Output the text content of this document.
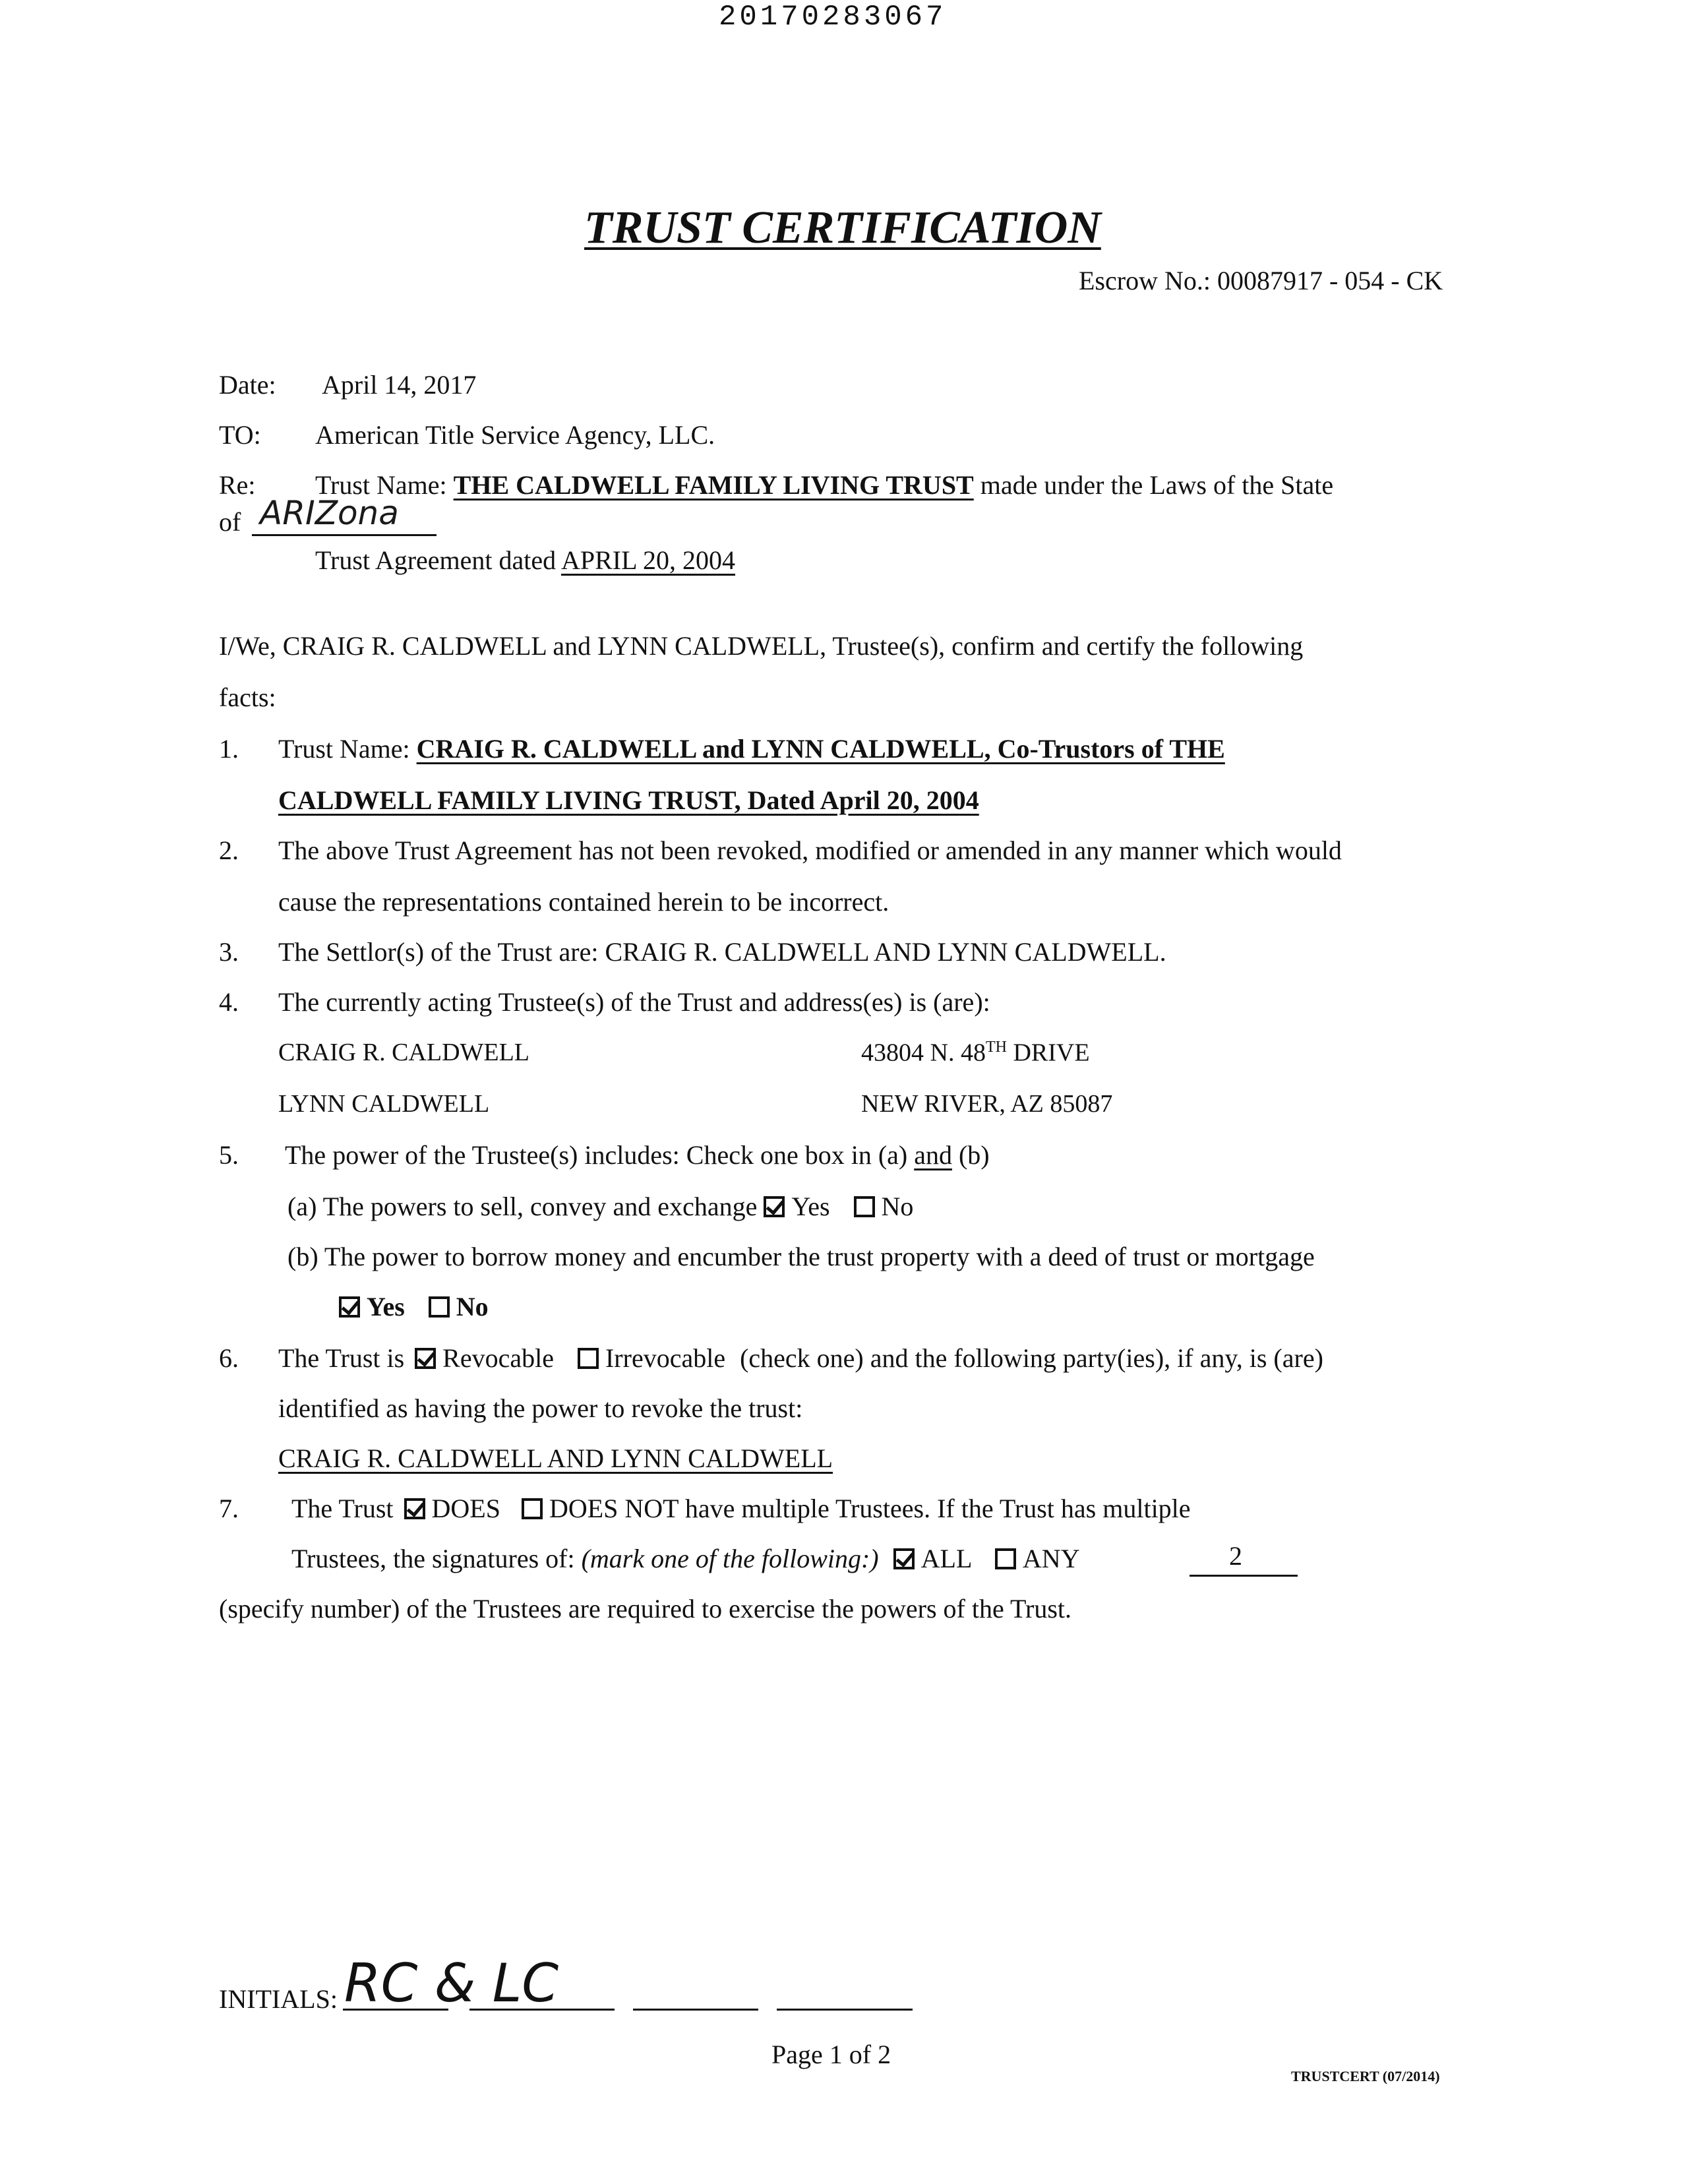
20170283067
TRUST CERTIFICATION
Escrow No.: 00087917 - 054 - CK
Date: April 14, 2017
TO: American Title Service Agency, LLC.
Re: Trust Name: THE CALDWELL FAMILY LIVING TRUST made under the Laws of the State
of ARIZona
Trust Agreement dated APRIL 20, 2004
I/We, CRAIG R. CALDWELL and LYNN CALDWELL, Trustee(s), confirm and certify the following
facts:
1. Trust Name: CRAIG R. CALDWELL and LYNN CALDWELL, Co-Trustors of THE
CALDWELL FAMILY LIVING TRUST, Dated April 20, 2004
2. The above Trust Agreement has not been revoked, modified or amended in any manner which would
cause the representations contained herein to be incorrect.
3. The Settlor(s) of the Trust are: CRAIG R. CALDWELL AND LYNN CALDWELL.
4. The currently acting Trustee(s) of the Trust and address(es) is (are):
CRAIG R. CALDWELL	43804 N. 48TH DRIVE
LYNN CALDWELL	NEW RIVER, AZ 85087
5. The power of the Trustee(s) includes: Check one box in (a) and (b)
(a) The powers to sell, convey and exchange Yes No
(b) The power to borrow money and encumber the trust property with a deed of trust or mortgage
Yes No
6. The Trust is Revocable Irrevocable (check one) and the following party(ies), if any, is (are)
identified as having the power to revoke the trust:
CRAIG R. CALDWELL AND LYNN CALDWELL
7. The Trust DOES DOES NOT have multiple Trustees. If the Trust has multiple
Trustees, the signatures of: (mark one of the following:) ALL ANY	2
(specify number) of the Trustees are required to exercise the powers of the Trust.
INITIALS: RC & LC
Page 1 of 2
TRUSTCERT (07/2014)
